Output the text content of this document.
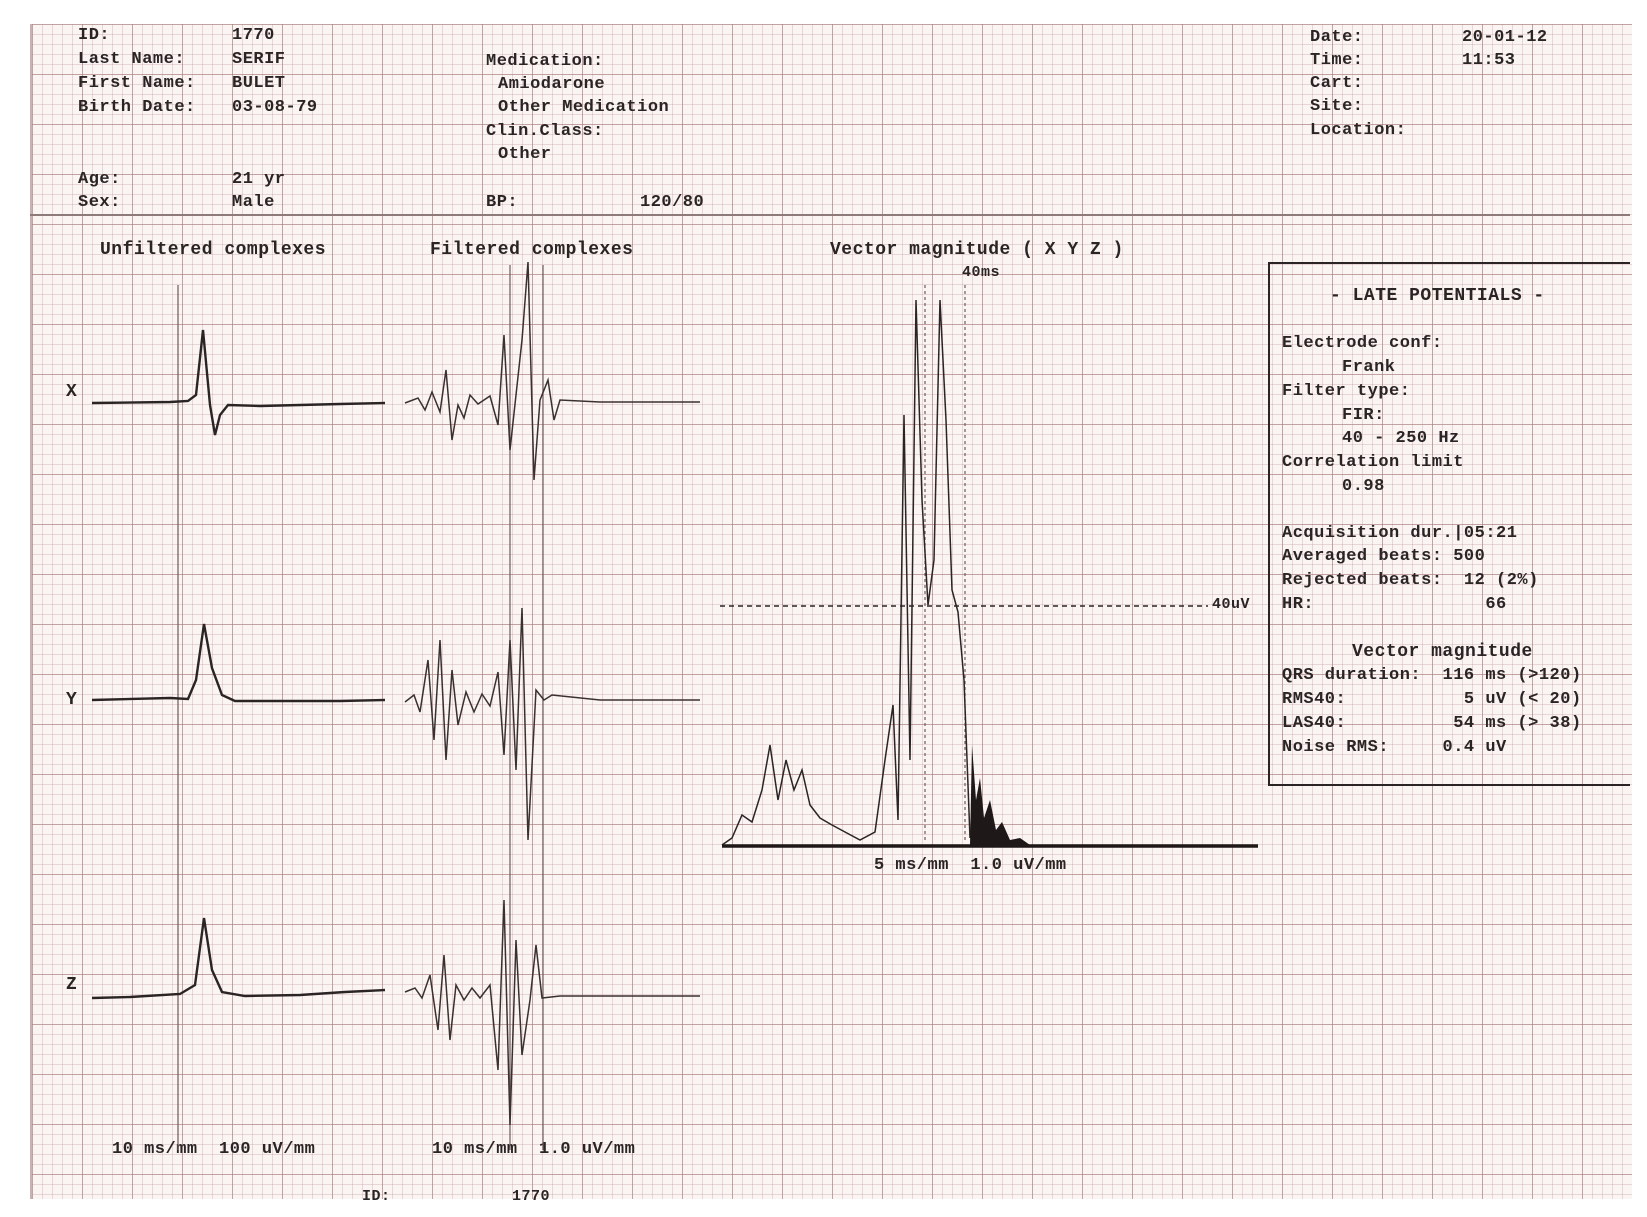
ID:	1770
Last Name:	SERIF
First Name: BULET
Birth Date: 03-08-79
Age:	21 yr
Sex:	Male
Medication:
Amiodarone
Other Medication
Clin.Class:
Other
BP:	120/80
Date:	20-01-12
Time:	11:53
Cart:
Site:
Location:
Unfiltered complexes	Filtered complexes	Vector magnitude ( X Y Z )
40ms
40uV
X
Y
Z
10 ms/mm  100 uV/mm	10 ms/mm  1.0 uV/mm
5 ms/mm  1.0 uV/mm
ID:	1770
- LATE POTENTIALS -
Electrode conf:
Frank
Filter type:
FIR:
40 - 250 Hz
Correlation limit
0.98
Acquisition dur.|05:21
Averaged beats: 500
Rejected beats:  12 (2%)
HR:                66
Vector magnitude
QRS duration:  116 ms (>120)
RMS40:           5 uV (< 20)
LAS40:          54 ms (> 38)
Noise RMS:     0.4 uV
